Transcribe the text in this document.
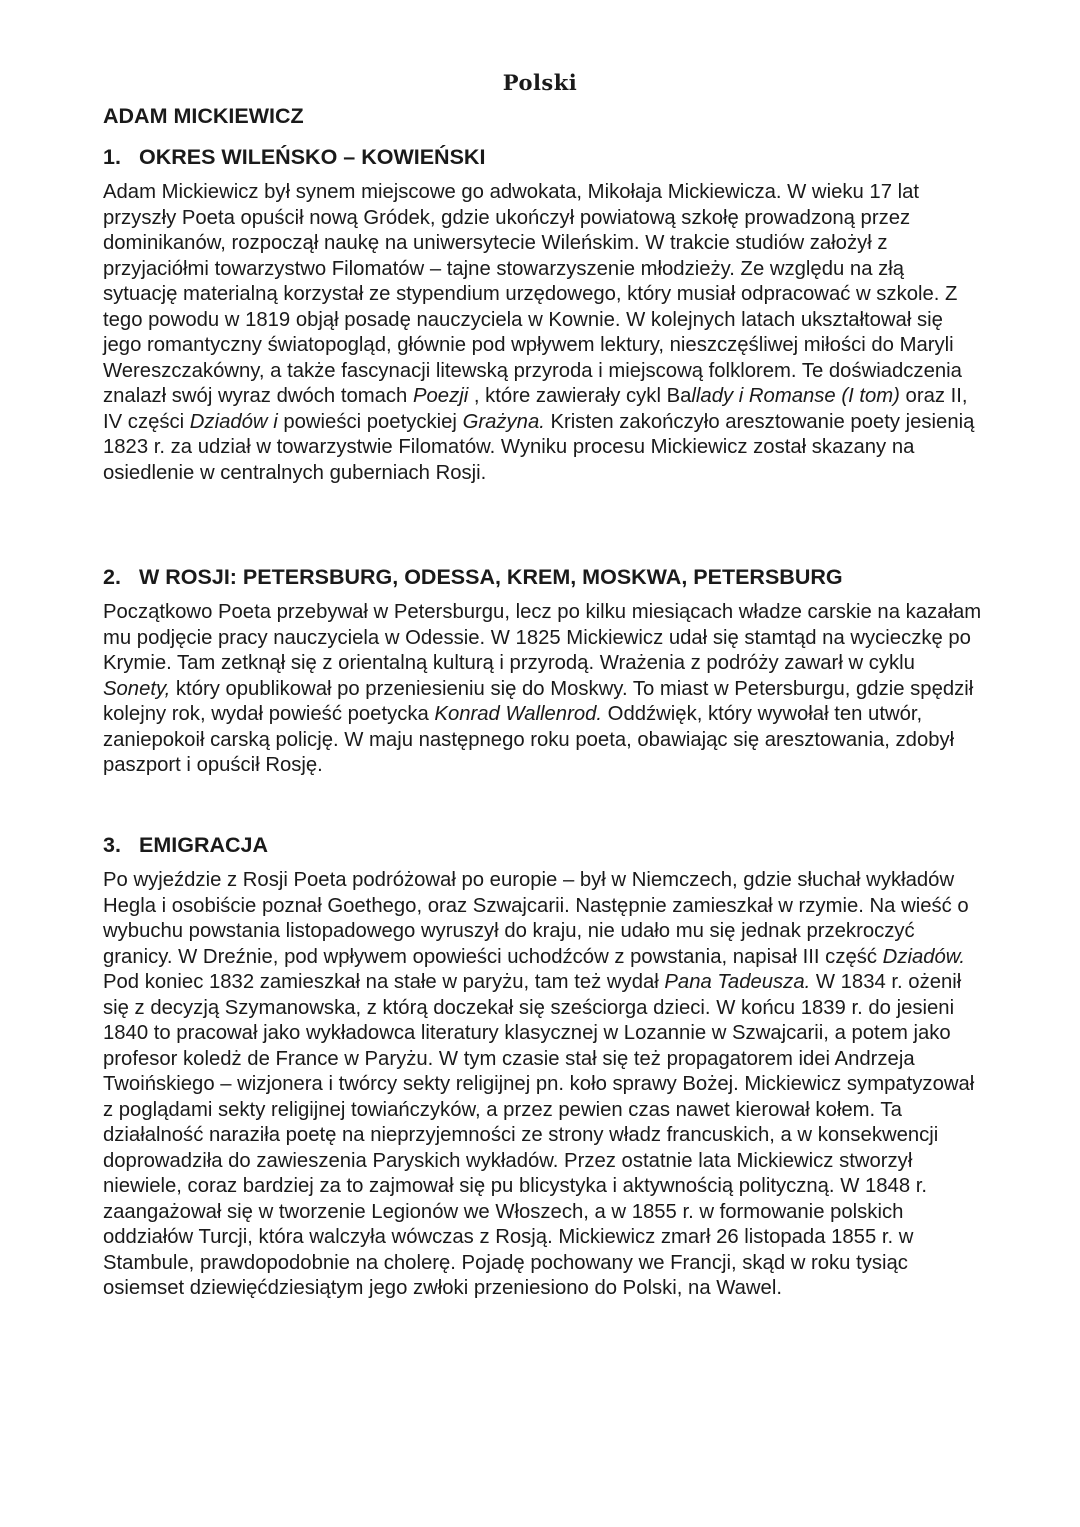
Polski
ADAM MICKIEWICZ
1. OKRES WILEŃSKO – KOWIEŃSKI

Adam Mickiewicz był synem miejscowe go adwokata, Mikołaja Mickiewicza. W wieku 17 lat przyszły Poeta opuścił nową Gródek, gdzie ukończył powiatową szkołę prowadzoną przez dominikanów, rozpoczął naukę na uniwersytecie Wileńskim. W trakcie studiów założył z przyjaciółmi towarzystwo Filomatów – tajne stowarzyszenie młodzieży. Ze względu na złą sytuację materialną korzystał ze stypendium urzędowego, który musiał odpracować w szkole. Z tego powodu w 1819 objął posadę nauczyciela w Kownie. W kolejnych latach ukształtował się jego romantyczny światopogląd, głównie pod wpływem lektury, nieszczęśliwej miłości do Maryli Wereszczakówny, a także fascynacji litewską przyroda i miejscową folklorem. Te doświadczenia znalazł swój wyraz dwóch tomach Poezji , które zawierały cykl Ballady i Romanse (I tom) oraz II, IV części Dziadów i powieści poetyckiej Grażyna. Kristen zakończyło aresztowanie poety jesienią 1823 r. za udział w towarzystwie Filomatów. Wyniku procesu Mickiewicz został skazany na osiedlenie w centralnych guberniach Rosji.

2. W ROSJI: PETERSBURG, ODESSA, KREM, MOSKWA, PETERSBURG

Początkowo Poeta przebywał w Petersburgu, lecz po kilku miesiącach władze carskie na kazałam mu podjęcie pracy nauczyciela w Odessie. W 1825 Mickiewicz udał się stamtąd na wycieczkę po Krymie. Tam zetknął się z orientalną kulturą i przyrodą. Wrażenia z podróży zawarł w cyklu Sonety, który opublikował po przeniesieniu się do Moskwy. To miast w Petersburgu, gdzie spędził kolejny rok, wydał powieść poetycka Konrad Wallenrod. Oddźwięk, który wywołał ten utwór, zaniepokoił carską policję. W maju następnego roku poeta, obawiając się aresztowania, zdobył paszport i opuścił Rosję.

3. EMIGRACJA

Po wyjeździe z Rosji Poeta podróżował po europie – był w Niemczech, gdzie słuchał wykładów Hegla i osobiście poznał Goethego, oraz Szwajcarii. Następnie zamieszkał w rzymie. Na wieść o wybuchu powstania listopadowego wyruszył do kraju, nie udało mu się jednak przekroczyć granicy. W Dreźnie, pod wpływem opowieści uchodźców z powstania, napisał III część Dziadów. Pod koniec 1832 zamieszkał na stałe w paryżu, tam też wydał Pana Tadeusza. W 1834 r. ożenił się z decyzją Szymanowska, z którą doczekał się sześciorga dzieci. W końcu 1839 r. do jesieni 1840 to pracował jako wykładowca literatury klasycznej w Lozannie w Szwajcarii, a potem jako profesor koledż de France w Paryżu. W tym czasie stał się też propagatorem idei Andrzeja Twoińskiego – wizjonera i twórcy sekty religijnej pn. koło sprawy Bożej. Mickiewicz sympatyzował z poglądami sekty religijnej towiańczyków, a przez pewien czas nawet kierował kołem. Ta działalność naraziła poetę na nieprzyjemności ze strony władz francuskich, a w konsekwencji doprowadziła do zawieszenia Paryskich wykładów. Przez ostatnie lata Mickiewicz stworzył niewiele, coraz bardziej za to zajmował się pu blicystyka i aktywnością polityczną. W 1848 r. zaangażował się w tworzenie Legionów we Włoszech, a w 1855 r. w formowanie polskich oddziałów Turcji, która walczyła wówczas z Rosją. Mickiewicz zmarł 26 listopada 1855 r. w Stambule, prawdopodobnie na cholerę. Pojadę pochowany we Francji, skąd w roku tysiąc osiemset dziewięćdziesiątym jego zwłoki przeniesiono do Polski, na Wawel.
